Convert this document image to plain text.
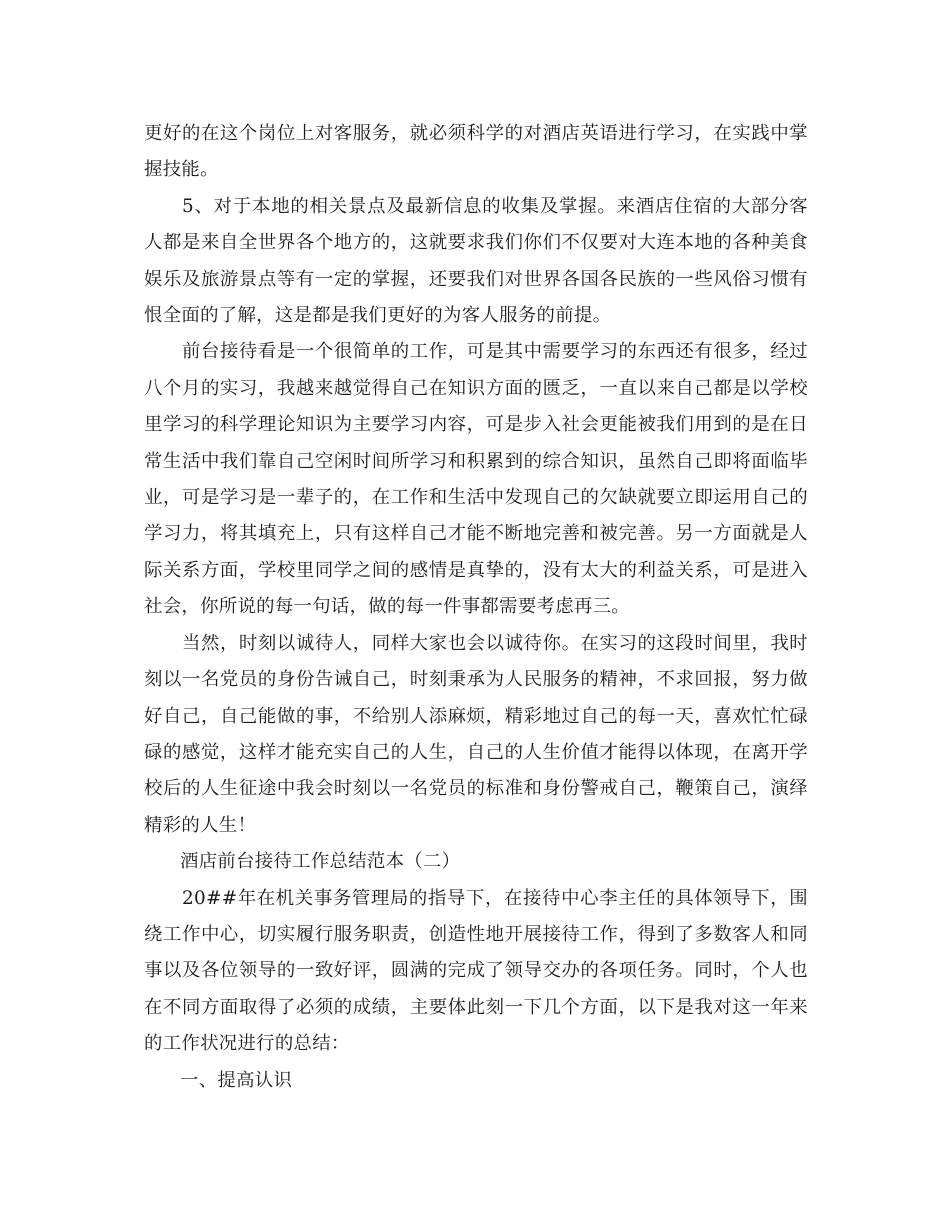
更好的在这个岗位上对客服务，就必须科学的对酒店英语进行学习，在实践中掌握技能。

5、对于本地的相关景点及最新信息的收集及掌握。来酒店住宿的大部分客人都是来自全世界各个地方的，这就要求我们你们不仅要对大连本地的各种美食娱乐及旅游景点等有一定的掌握，还要我们对世界各国各民族的一些风俗习惯有恨全面的了解，这是都是我们更好的为客人服务的前提。

前台接待看是一个很简单的工作，可是其中需要学习的东西还有很多，经过八个月的实习，我越来越觉得自己在知识方面的匮乏，一直以来自己都是以学校里学习的科学理论知识为主要学习内容，可是步入社会更能被我们用到的是在日常生活中我们靠自己空闲时间所学习和积累到的综合知识，虽然自己即将面临毕业，可是学习是一辈子的，在工作和生活中发现自己的欠缺就要立即运用自己的学习力，将其填充上，只有这样自己才能不断地完善和被完善。另一方面就是人际关系方面，学校里同学之间的感情是真挚的，没有太大的利益关系，可是进入社会，你所说的每一句话，做的每一件事都需要考虑再三。

当然，时刻以诚待人，同样大家也会以诚待你。在实习的这段时间里，我时刻以一名党员的身份告诫自己，时刻秉承为人民服务的精神，不求回报，努力做好自己，自己能做的事，不给别人添麻烦，精彩地过自己的每一天，喜欢忙忙碌碌的感觉，这样才能充实自己的人生，自己的人生价值才能得以体现，在离开学校后的人生征途中我会时刻以一名党员的标准和身份警戒自己，鞭策自己，演绎精彩的人生！

酒店前台接待工作总结范本（二）

20##年在机关事务管理局的指导下，在接待中心李主任的具体领导下，围绕工作中心，切实履行服务职责，创造性地开展接待工作，得到了多数客人和同事以及各位领导的一致好评，圆满的完成了领导交办的各项任务。同时，个人也在不同方面取得了必须的成绩，主要体此刻一下几个方面，以下是我对这一年来的工作状况进行的总结：

一、提高认识
